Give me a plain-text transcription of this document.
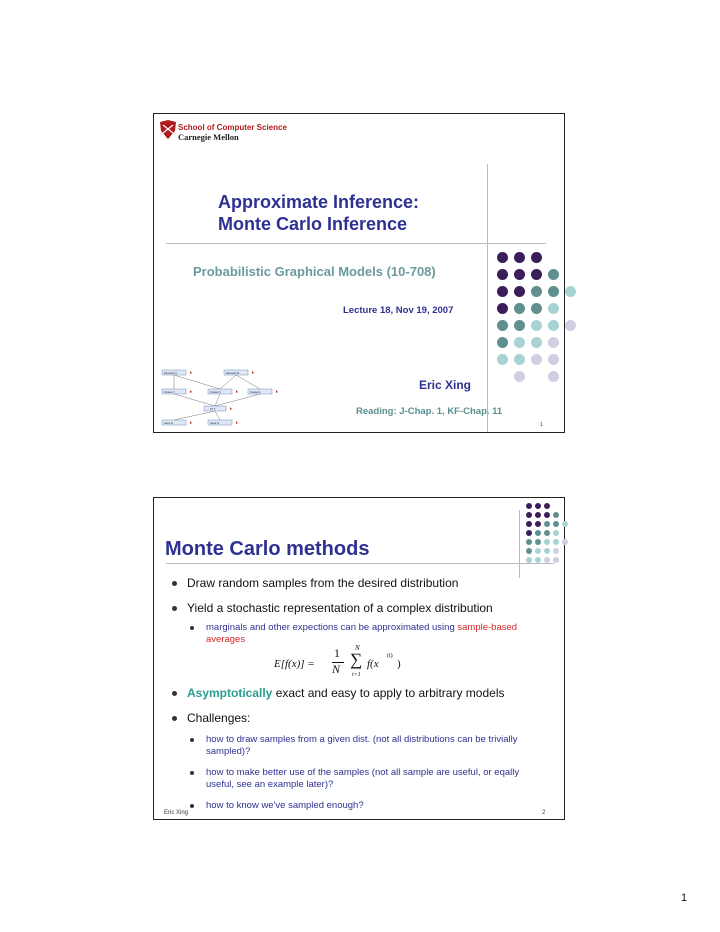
School of Computer Science
Carnegie Mellon
Approximate Inference:
Monte Carlo Inference
Probabilistic Graphical Models (10-708)
Lecture 18, Nov 19, 2007
Eric Xing
Reading: J-Chap. 1, KF-Chap. 11
1
Receptor A	Receptor B
Kinase C	Kinase D	Kinase E
TF F
Gene G	Gene H
Monte Carlo methods
Draw random samples from the desired distribution
Yield a stochastic representation of a complex distribution
marginals and other expections can be approximated using sample-based averages
E[f(x)] =
1
N
N
∑
t=1
f(x
(t)
)
Asymptotically exact and easy to apply to arbitrary models
Challenges:
how to draw samples from a given dist. (not all distributions can be trivially sampled)?
how to make better use of the samples (not all sample are useful, or eqally useful, see an example later)?
how to know we've sampled enough?
Eric Xing	2
1
